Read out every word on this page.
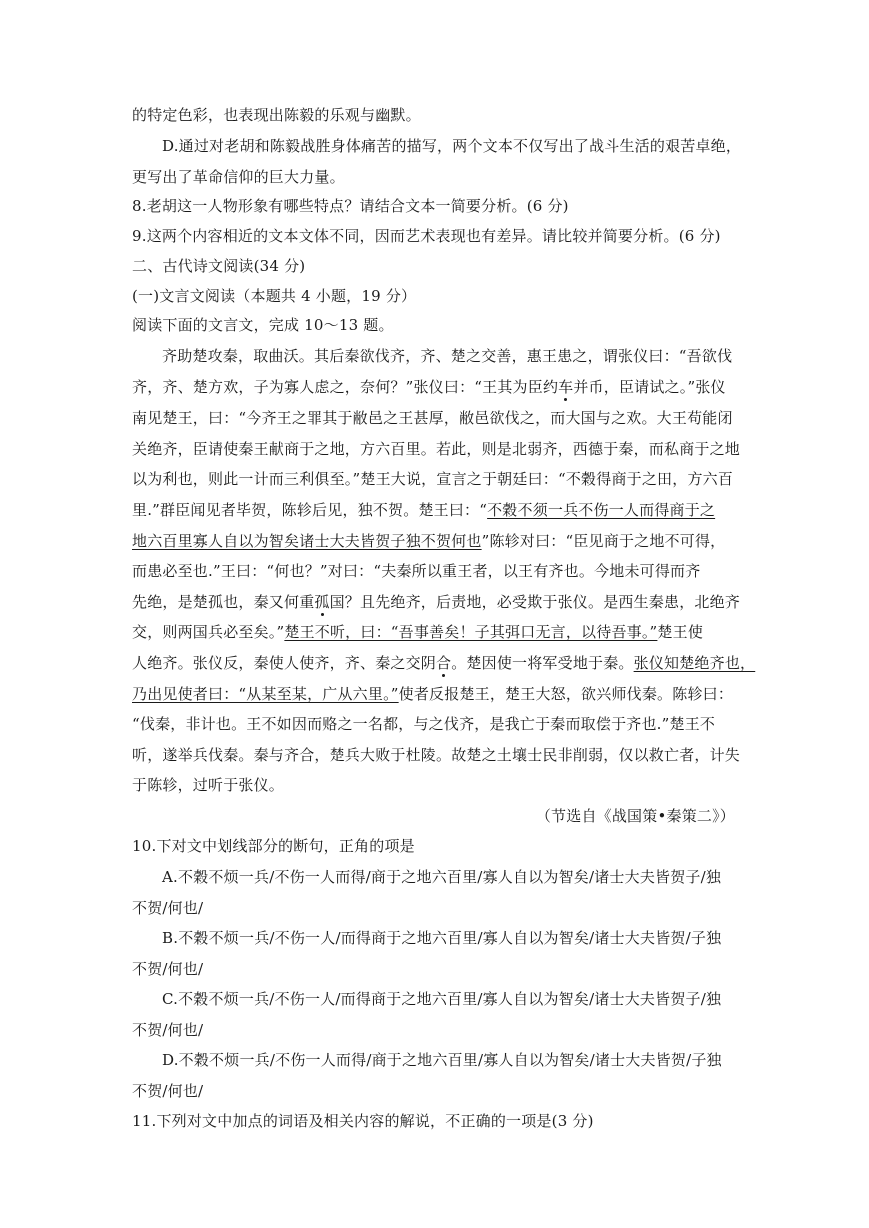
的特定色彩，也表现出陈毅的乐观与幽默。
D.通过对老胡和陈毅战胜身体痛苦的描写，两个文本不仅写出了战斗生活的艰苦卓绝，
更写出了革命信仰的巨大力量。
8.老胡这一人物形象有哪些特点？请结合文本一简要分析。(6 分)
9.这两个内容相近的文本文体不同，因而艺术表现也有差异。请比较并简要分析。(6 分)
二、古代诗文阅读(34 分)
(一)文言文阅读（本题共 4 小题，19 分）
阅读下面的文言文，完成 10～13 题。
齐助楚攻秦，取曲沃。其后秦欲伐齐，齐、楚之交善，惠王患之，谓张仪曰：“吾欲伐
齐，齐、楚方欢，子为寡人虑之，奈何？”张仪曰：“王其为臣约车并币，臣请试之。”张仪
南见楚王，曰：“今齐王之罪其于敝邑之王甚厚，敝邑欲伐之，而大国与之欢。大王苟能闭
关绝齐，臣请使秦王献商于之地，方六百里。若此，则是北弱齐，西德于秦，而私商于之地
以为利也，则此一计而三利俱至。”楚王大说，宣言之于朝廷曰：“不穀得商于之田，方六百
里.”群臣闻见者毕贺，陈轸后见，独不贺。楚王曰：“不穀不须一兵不伤一人而得商于之
地六百里寡人自以为智矣诸士大夫皆贺子独不贺何也”陈轸对曰：“臣见商于之地不可得，
而患必至也.”王曰：“何也？”对曰：“夫秦所以重王者，以王有齐也。今地未可得而齐
先绝，是楚孤也，秦又何重孤国？且先绝齐，后责地，必受欺于张仪。是西生秦患，北绝齐
交，则两国兵必至矣。”楚王不听，曰：“吾事善矣！子其弭口无言，以待吾事。”楚王使
人绝齐。张仪反，秦使人使齐，齐、秦之交阴合。楚因使一将军受地于秦。张仪知楚绝齐也，
乃出见使者曰：“从某至某，广从六里。”使者反报楚王，楚王大怒，欲兴师伐秦。陈轸曰：
“伐秦，非计也。王不如因而赂之一名都，与之伐齐，是我亡于秦而取偿于齐也.”楚王不
听，遂举兵伐秦。秦与齐合，楚兵大败于杜陵。故楚之土壤士民非削弱，仅以救亡者，计失
于陈轸，过听于张仪。
（节选自《战国策•秦策二》）
10.下对文中划线部分的断句，正角的项是
A.不穀不烦一兵/不伤一人而得/商于之地六百里/寡人自以为智矣/诸士大夫皆贺子/独
不贺/何也/
B.不穀不烦一兵/不伤一人/而得商于之地六百里/寡人自以为智矣/诸士大夫皆贺/子独
不贺/何也/
C.不穀不烦一兵/不伤一人/而得商于之地六百里/寡人自以为智矣/诸士大夫皆贺子/独
不贺/何也/
D.不穀不烦一兵/不伤一人而得/商于之地六百里/寡人自以为智矣/诸士大夫皆贺/子独
不贺/何也/
11.下列对文中加点的词语及相关内容的解说，不正确的一项是(3 分)
